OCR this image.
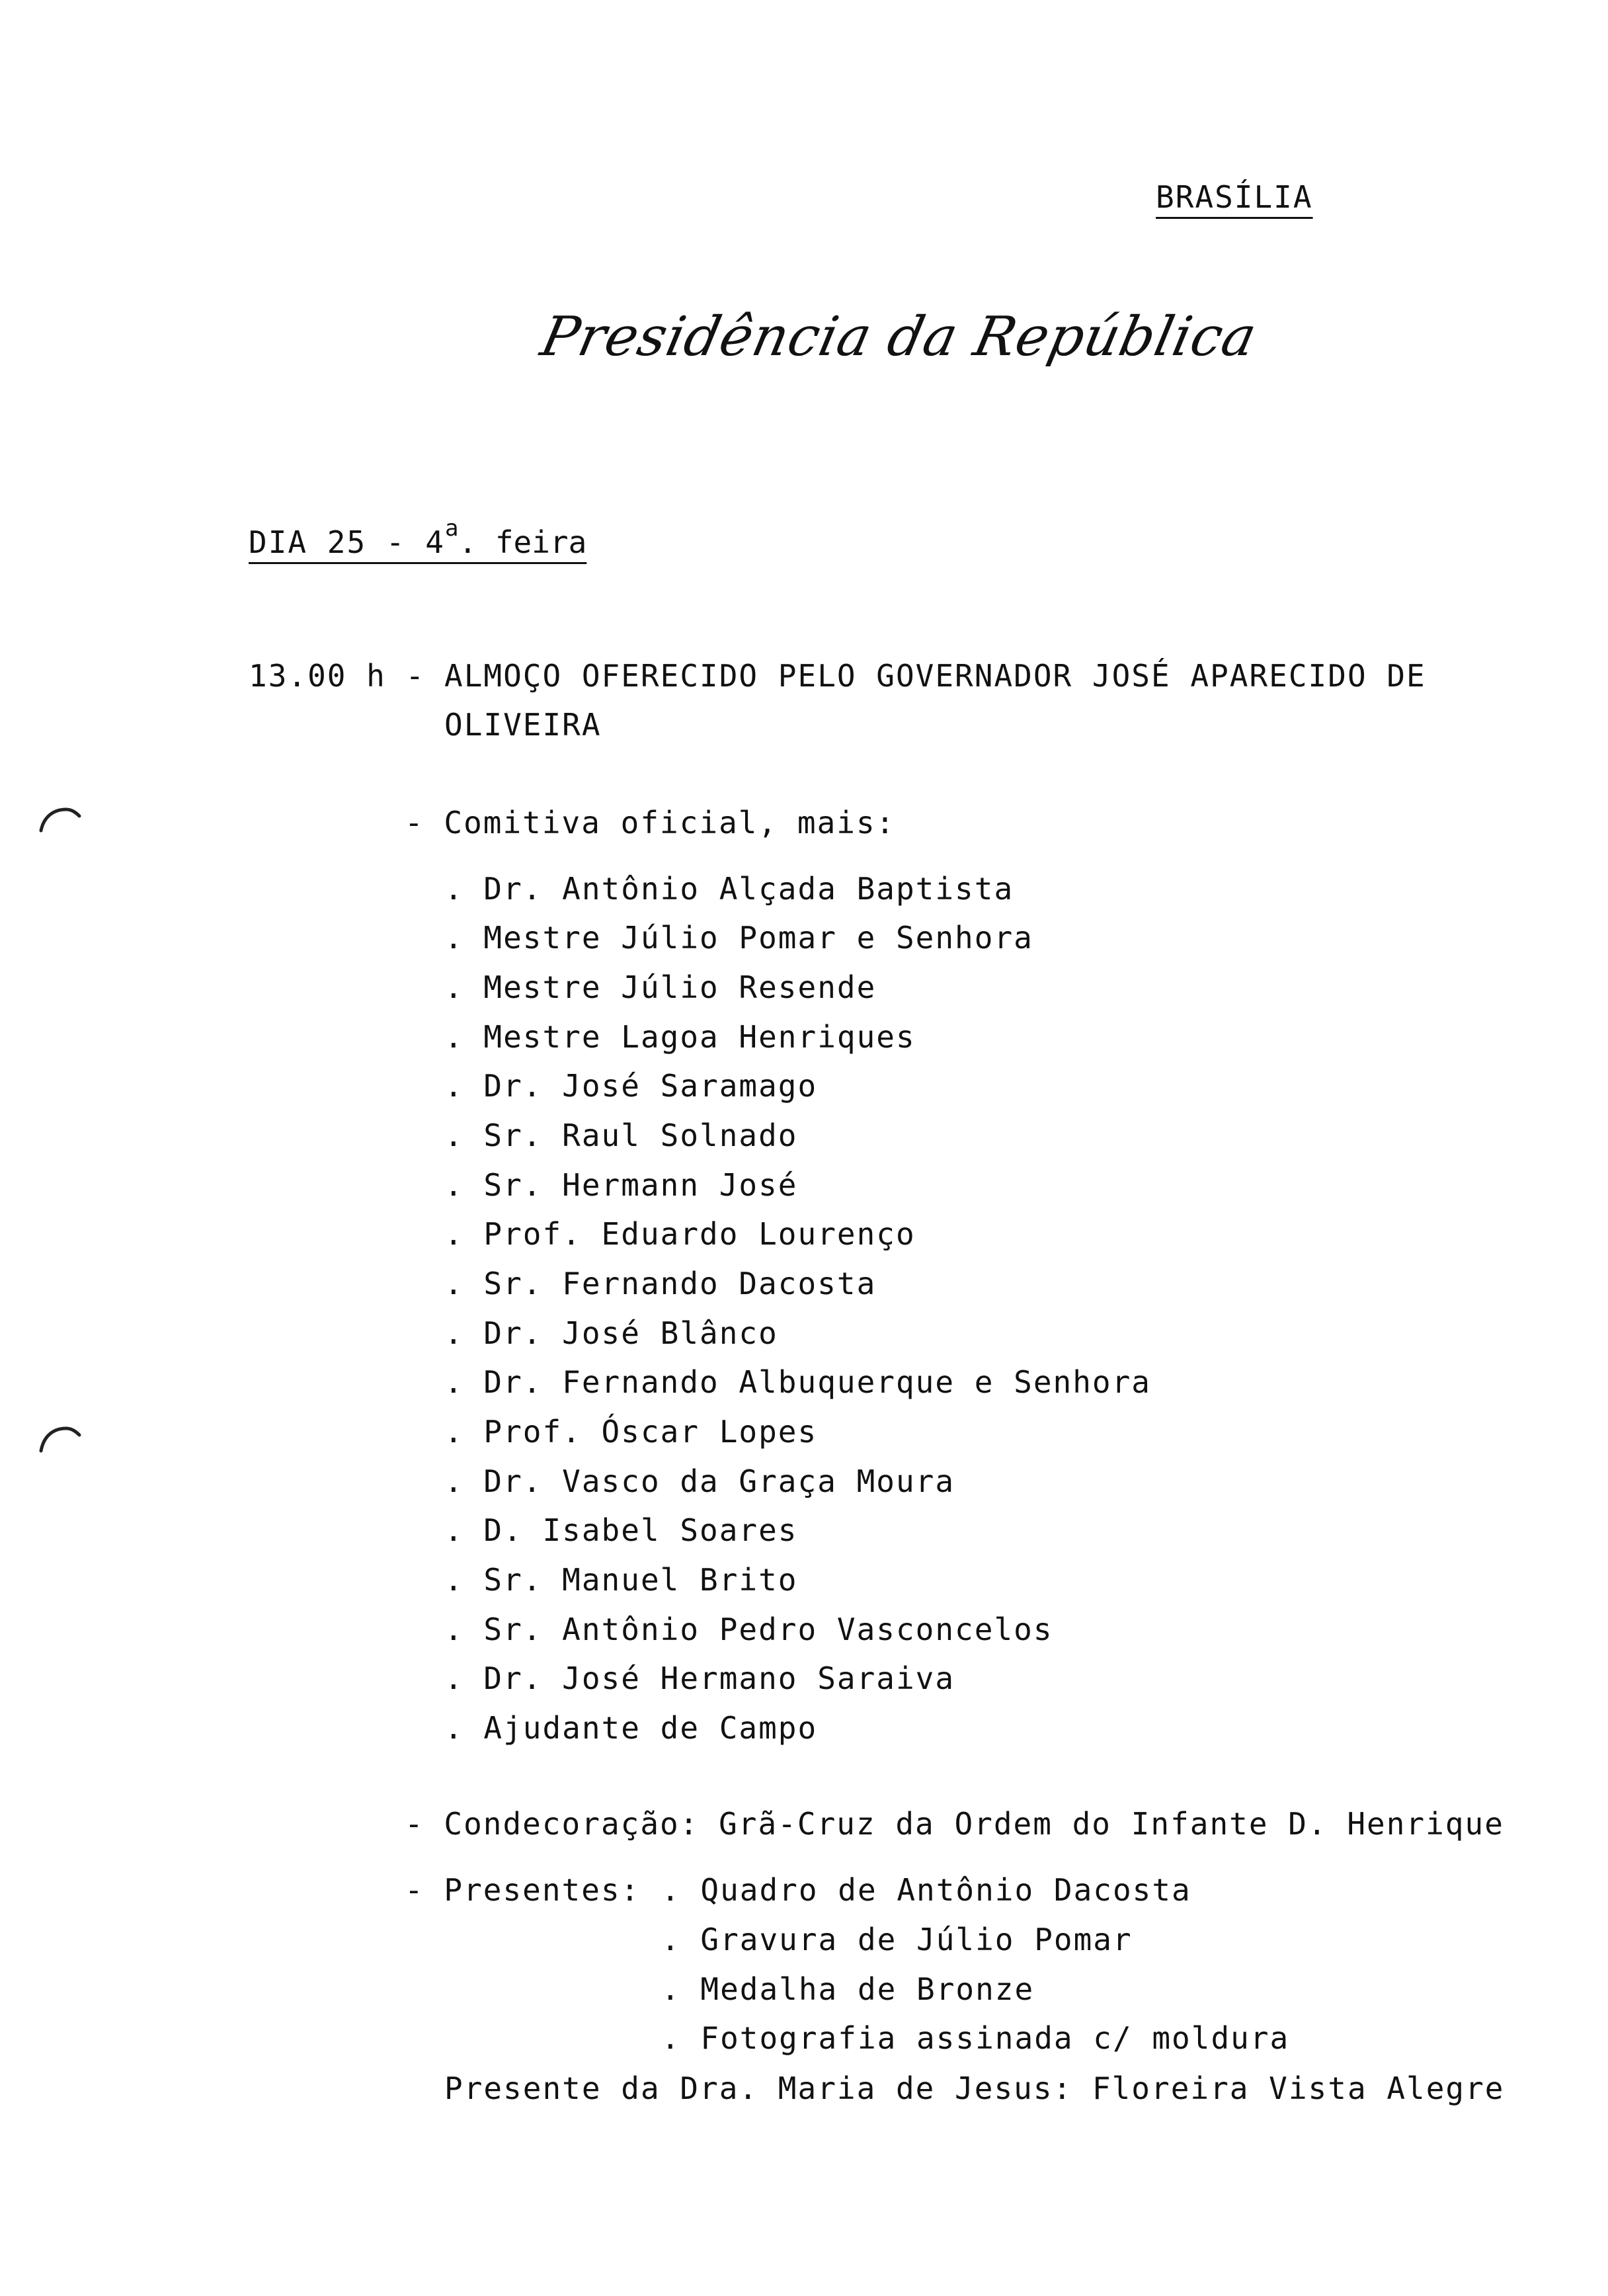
BRASÍLIA
Presidência da República
DIA 25 - 4$^a$. feira
13.00 h - ALMOÇO OFERECIDO PELO GOVERNADOR JOSÉ APARECIDO DE
OLIVEIRA
- Comitiva oficial, mais:
. Dr. Antônio Alçada Baptista
. Mestre Júlio Pomar e Senhora
. Mestre Júlio Resende
. Mestre Lagoa Henriques
. Dr. José Saramago
. Sr. Raul Solnado
. Sr. Hermann José
. Prof. Eduardo Lourenço
. Sr. Fernando Dacosta
. Dr. José Blânco
. Dr. Fernando Albuquerque e Senhora
. Prof. Óscar Lopes
. Dr. Vasco da Graça Moura
. D. Isabel Soares
. Sr. Manuel Brito
. Sr. Antônio Pedro Vasconcelos
. Dr. José Hermano Saraiva
. Ajudante de Campo
- Condecoração: Grã-Cruz da Ordem do Infante D. Henrique
- Presentes: . Quadro de Antônio Dacosta
. Gravura de Júlio Pomar
. Medalha de Bronze
. Fotografia assinada c/ moldura
Presente da Dra. Maria de Jesus: Floreira Vista Alegre
